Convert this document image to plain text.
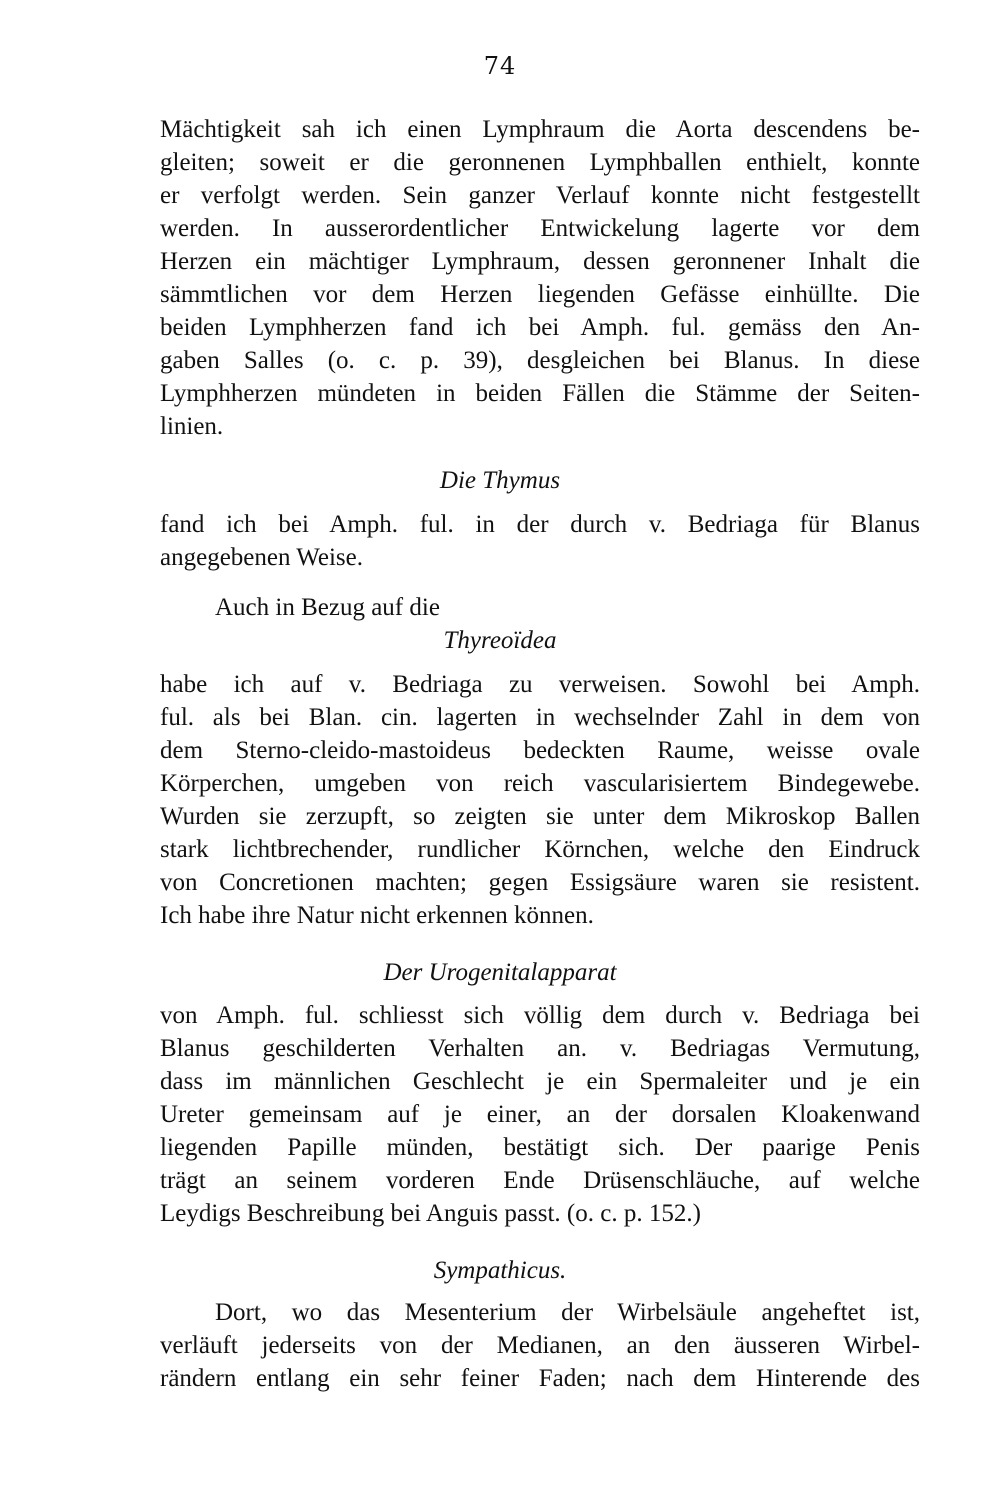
74
Mächtigkeit sah ich einen Lymphraum die Aorta descendens be-
gleiten; soweit er die geronnenen Lymphballen enthielt, konnte
er verfolgt werden. Sein ganzer Verlauf konnte nicht festgestellt
werden. In ausserordentlicher Entwickelung lagerte vor dem
Herzen ein mächtiger Lymphraum, dessen geronnener Inhalt die
sämmtlichen vor dem Herzen liegenden Gefässe einhüllte. Die
beiden Lymphherzen fand ich bei Amph. ful. gemäss den An-
gaben Salles (o. c. p. 39), desgleichen bei Blanus. In diese
Lymphherzen mündeten in beiden Fällen die Stämme der Seiten-
linien.
Die Thymus
fand ich bei Amph. ful. in der durch v. Bedriaga für Blanus
angegebenen Weise.
Auch in Bezug auf die
Thyreoïdea
habe ich auf v. Bedriaga zu verweisen. Sowohl bei Amph.
ful. als bei Blan. cin. lagerten in wechselnder Zahl in dem von
dem Sterno-cleido-mastoideus bedeckten Raume, weisse ovale
Körperchen, umgeben von reich vascularisiertem Bindegewebe.
Wurden sie zerzupft, so zeigten sie unter dem Mikroskop Ballen
stark lichtbrechender, rundlicher Körnchen, welche den Eindruck
von Concretionen machten; gegen Essigsäure waren sie resistent.
Ich habe ihre Natur nicht erkennen können.
Der Urogenitalapparat
von Amph. ful. schliesst sich völlig dem durch v. Bedriaga bei
Blanus geschilderten Verhalten an. v. Bedriagas Vermutung,
dass im männlichen Geschlecht je ein Spermaleiter und je ein
Ureter gemeinsam auf je einer, an der dorsalen Kloakenwand
liegenden Papille münden, bestätigt sich. Der paarige Penis
trägt an seinem vorderen Ende Drüsenschläuche, auf welche
Leydigs Beschreibung bei Anguis passt. (o. c. p. 152.)
Sympathicus.
Dort, wo das Mesenterium der Wirbelsäule angeheftet ist,
verläuft jederseits von der Medianen, an den äusseren Wirbel-
rändern entlang ein sehr feiner Faden; nach dem Hinterende des
